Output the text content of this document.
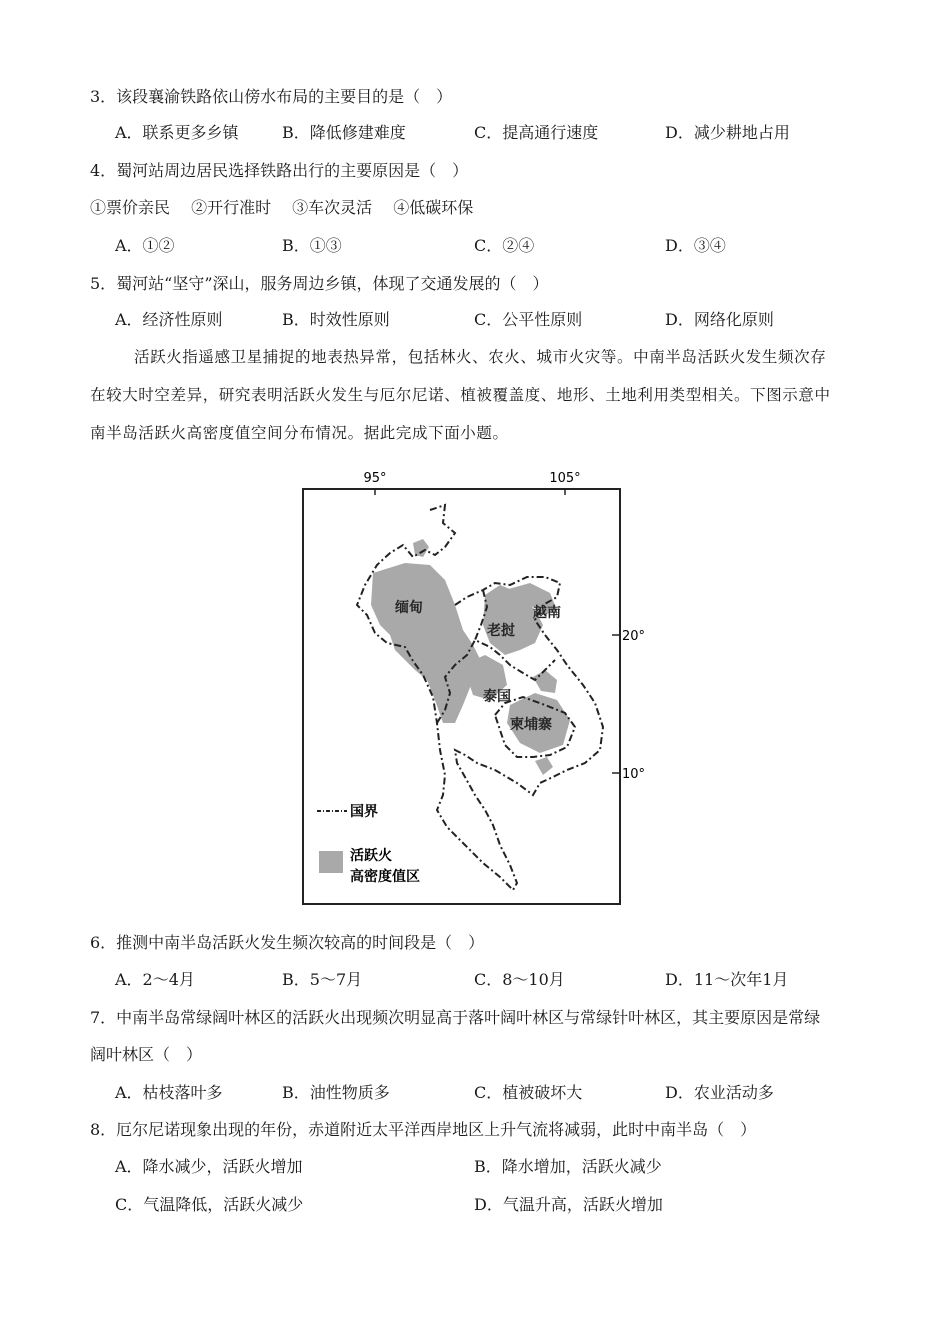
3．该段襄渝铁路依山傍水布局的主要目的是（　）
A．联系更多乡镇	B．降低修建难度	C．提高通行速度	D．减少耕地占用
4．蜀河站周边居民选择铁路出行的主要原因是（　）
①票价亲民　 ②开行准时　 ③车次灵活　 ④低碳环保
A．①②	B．①③	C．②④	D．③④
5．蜀河站“坚守”深山，服务周边乡镇，体现了交通发展的（　）
A．经济性原则	B．时效性原则	C．公平性原则	D．网络化原则

活跃火指遥感卫星捕捉的地表热异常，包括林火、农火、城市火灾等。中南半岛活跃火发生频次存

在较大时空差异，研究表明活跃火发生与厄尔尼诺、植被覆盖度、地形、土地利用类型相关。下图示意中

南半岛活跃火高密度值空间分布情况。据此完成下面小题。

95°	105°
20°
10°
缅甸
老挝
越南
泰国
柬埔寨
国界
活跃火
高密度值区
6．推测中南半岛活跃火发生频次较高的时间段是（　）
A．2～4月	B．5～7月	C．8～10月	D．11～次年1月
7．中南半岛常绿阔叶林区的活跃火出现频次明显高于落叶阔叶林区与常绿针叶林区，其主要原因是常绿
阔叶林区（　）
A．枯枝落叶多	B．油性物质多	C．植被破坏大	D．农业活动多
8．厄尔尼诺现象出现的年份，赤道附近太平洋西岸地区上升气流将减弱，此时中南半岛（　）
A．降水减少，活跃火增加	B．降水增加，活跃火减少
C．气温降低，活跃火减少	D．气温升高，活跃火增加
